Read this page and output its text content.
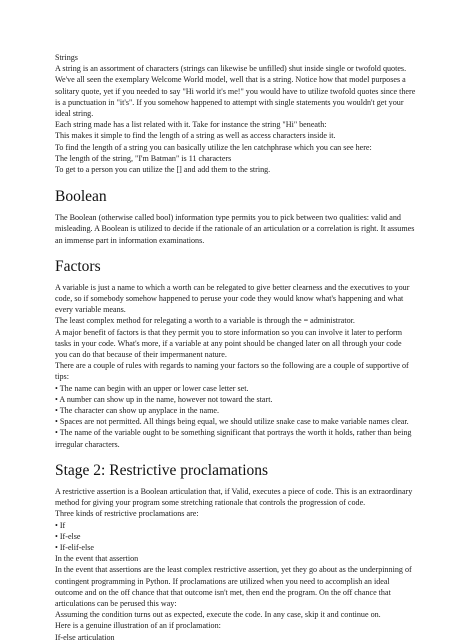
Strings

A string is an assortment of characters (strings can likewise be unfilled) shut inside single or twofold quotes.

We've all seen the exemplary Welcome World model, well that is a string. Notice how that model purposes a

solitary quote, yet if you needed to say "Hi world it's me!" you would have to utilize twofold quotes since there

is a punctuation in "it's". If you somehow happened to attempt with single statements you wouldn't get your

ideal string.

Each string made has a list related with it. Take for instance the string "Hi" beneath:

This makes it simple to find the length of a string as well as access characters inside it.

To find the length of a string you can basically utilize the len catchphrase which you can see here:

The length of the string, "I'm Batman" is 11 characters

To get to a person you can utilize the [] and add them to the string.

Boolean

The Boolean (otherwise called bool) information type permits you to pick between two qualities: valid and

misleading. A Boolean is utilized to decide if the rationale of an articulation or a correlation is right. It assumes

an immense part in information examinations.

Factors

A variable is just a name to which a worth can be relegated to give better clearness and the executives to your

code, so if somebody somehow happened to peruse your code they would know what's happening and what

every variable means.

The least complex method for relegating a worth to a variable is through the = administrator.

A major benefit of factors is that they permit you to store information so you can involve it later to perform

tasks in your code. What's more, if a variable at any point should be changed later on all through your code

you can do that because of their impermanent nature.

There are a couple of rules with regards to naming your factors so the following are a couple of supportive of

tips:

• The name can begin with an upper or lower case letter set.

• A number can show up in the name, however not toward the start.

• The character can show up anyplace in the name.

• Spaces are not permitted. All things being equal, we should utilize snake case to make variable names clear.

• The name of the variable ought to be something significant that portrays the worth it holds, rather than being

irregular characters.

Stage 2: Restrictive proclamations

A restrictive assertion is a Boolean articulation that, if Valid, executes a piece of code. This is an extraordinary

method for giving your program some stretching rationale that controls the progression of code.

Three kinds of restrictive proclamations are:

• If

• If-else

• If-elif-else

In the event that assertion

In the event that assertions are the least complex restrictive assertion, yet they go about as the underpinning of

contingent programming in Python. If proclamations are utilized when you need to accomplish an ideal

outcome and on the off chance that that outcome isn't met, then end the program. On the off chance that

articulations can be perused this way:

Assuming the condition turns out as expected, execute the code. In any case, skip it and continue on.

Here is a genuine illustration of an if proclamation:

If-else articulation
